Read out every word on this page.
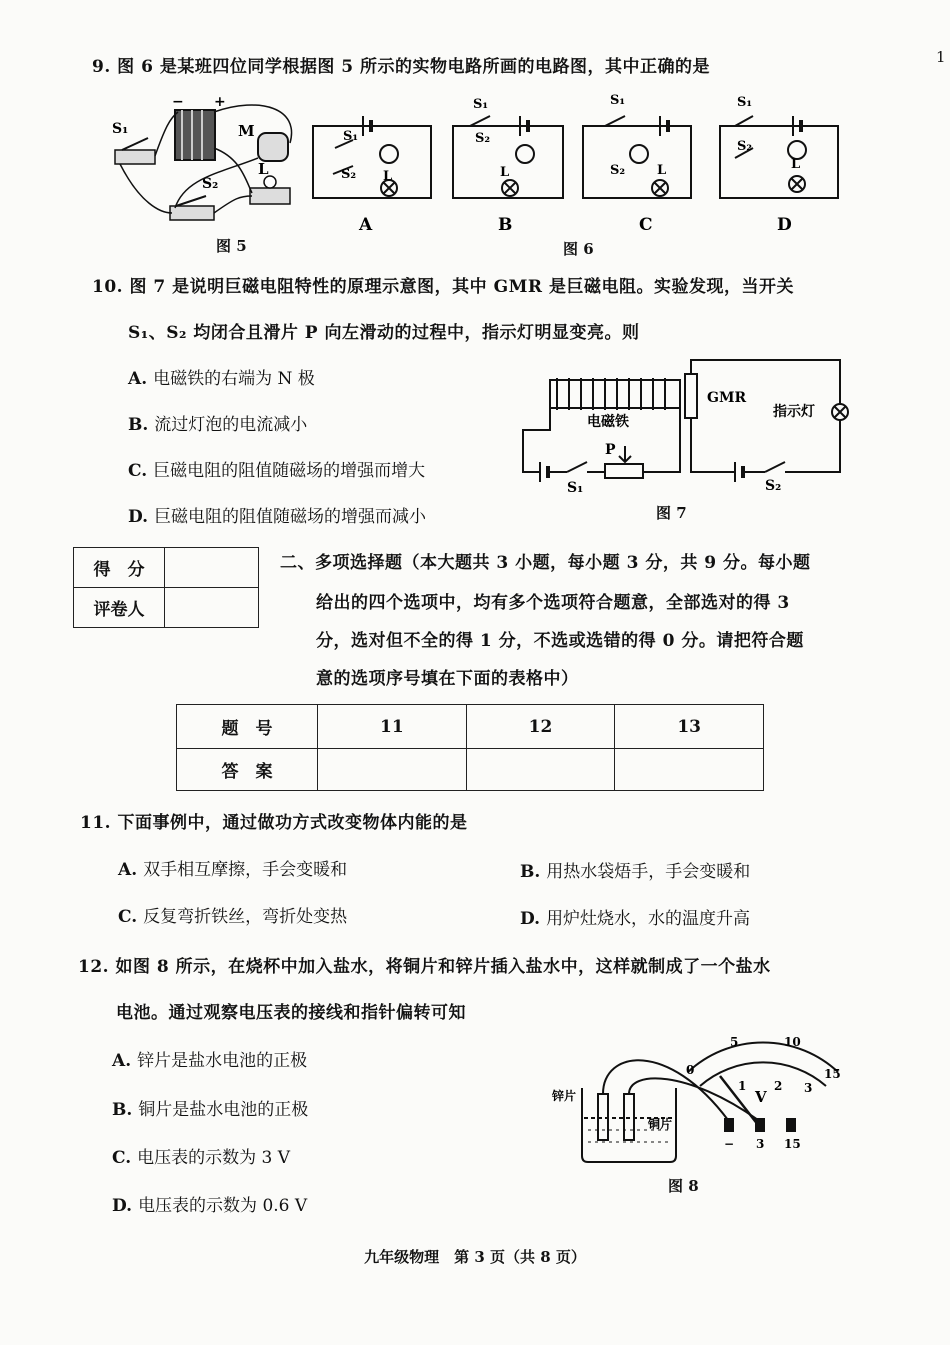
9. 图 6 是某班四位同学根据图 5 所示的实物电路所画的电路图，其中正确的是	1
− +
M
L
S₁
S₂
图 5
S₁
S₂ L
S₁
S₂
L
S₁
S₂ L
S₁
S₂
L
A	B	C	D
图 6
10. 图 7 是说明巨磁电阻特性的原理示意图，其中 GMR 是巨磁电阻。实验发现，当开关
S₁、S₂ 均闭合且滑片 P 向左滑动的过程中，指示灯明显变亮。则
A. 电磁铁的右端为 N 极
B. 流过灯泡的电流减小
C. 巨磁电阻的阻值随磁场的增强而增大
D. 巨磁电阻的阻值随磁场的增强而减小
电磁铁
GMR
指示灯
P
S₁	S₂
图 7
得　分	
评卷人	
二、多项选择题（本大题共 3 小题，每小题 3 分，共 9 分。每小题
给出的四个选项中，均有多个选项符合题意，全部选对的得 3
分，选对但不全的得 1 分，不选或选错的得 0 分。请把符合题
意的选项序号填在下面的表格中）
题　号	11	12	13
答　案			
11. 下面事例中，通过做功方式改变物体内能的是
A. 双手相互摩擦，手会变暖和	B. 用热水袋焐手，手会变暖和
C. 反复弯折铁丝，弯折处变热	D. 用炉灶烧水，水的温度升高
12. 如图 8 所示，在烧杯中加入盐水，将铜片和锌片插入盐水中，这样就制成了一个盐水
电池。通过观察电压表的接线和指针偏转可知
A. 锌片是盐水电池的正极
B. 铜片是盐水电池的正极
C. 电压表的示数为 3 V
D. 电压表的示数为 0.6 V
锌片
铜片
5	10
15
0
1 2 3
V
− 3 15
图 8
九年级物理　第 3 页（共 8 页）
